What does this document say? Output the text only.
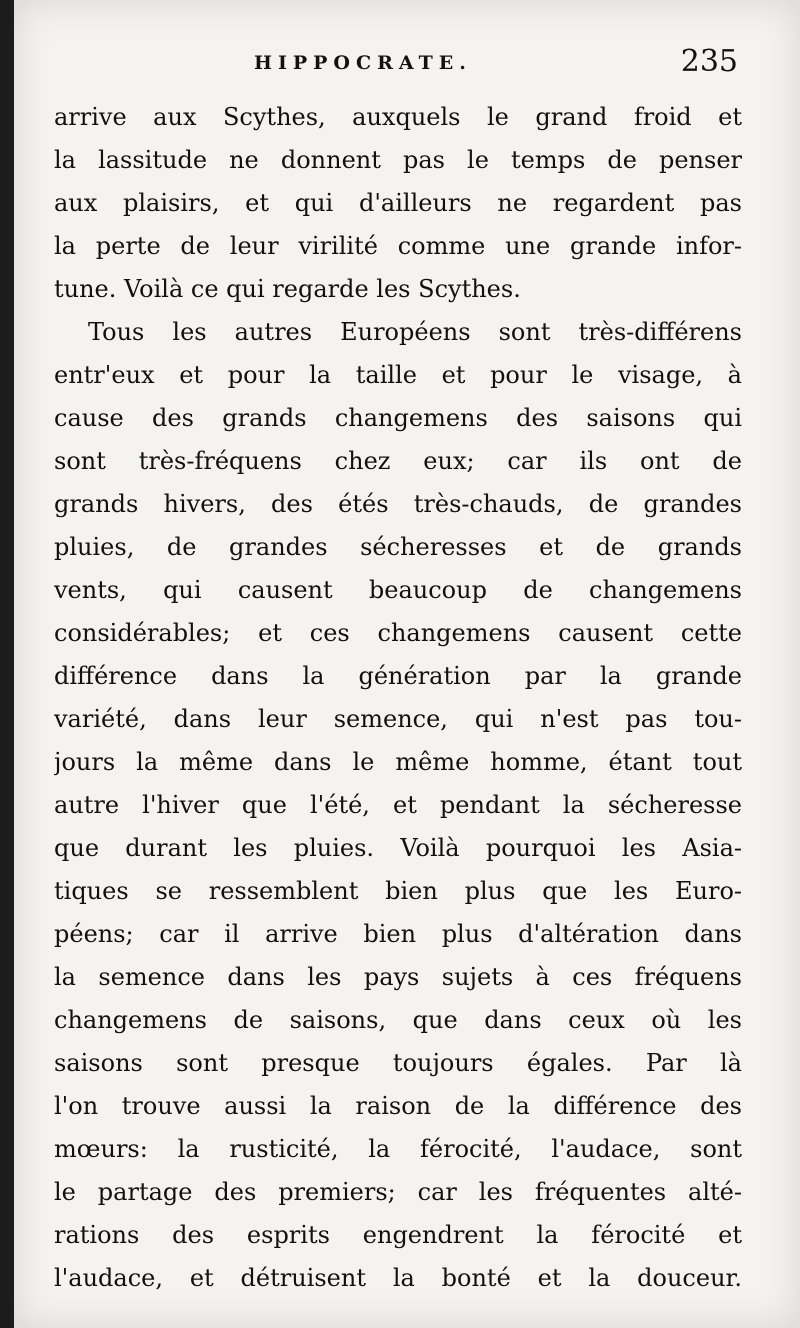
HIPPOCRATE.	235
arrive aux Scythes, auxquels le grand froid et
la lassitude ne donnent pas le temps de penser
aux plaisirs, et qui d'ailleurs ne regardent pas
la perte de leur virilité comme une grande infor-
tune. Voilà ce qui regarde les Scythes.
Tous les autres Européens sont très-différens
entr'eux et pour la taille et pour le visage, à
cause des grands changemens des saisons qui
sont très-fréquens chez eux; car ils ont de
grands hivers, des étés très-chauds, de grandes
pluies, de grandes sécheresses et de grands
vents, qui causent beaucoup de changemens
considérables; et ces changemens causent cette
différence dans la génération par la grande
variété, dans leur semence, qui n'est pas tou-
jours la même dans le même homme, étant tout
autre l'hiver que l'été, et pendant la sécheresse
que durant les pluies. Voilà pourquoi les Asia-
tiques se ressemblent bien plus que les Euro-
péens; car il arrive bien plus d'altération dans
la semence dans les pays sujets à ces fréquens
changemens de saisons, que dans ceux où les
saisons sont presque toujours égales. Par là
l'on trouve aussi la raison de la différence des
mœurs: la rusticité, la férocité, l'audace, sont
le partage des premiers; car les fréquentes alté-
rations des esprits engendrent la férocité et
l'audace, et détruisent la bonté et la douceur.
